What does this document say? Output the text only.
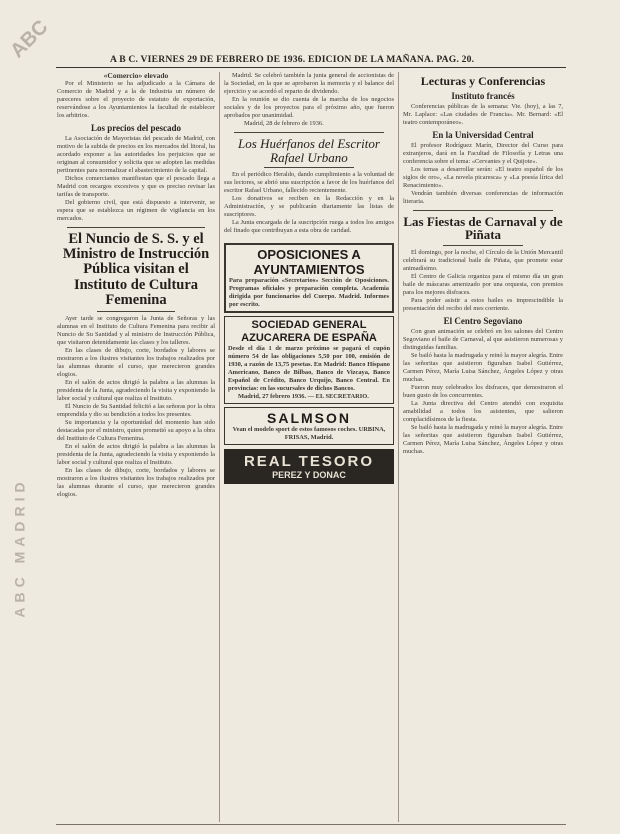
ABC
ABC MADRID
A B C. VIERNES 29 DE FEBRERO DE 1936. EDICION DE LA MAÑANA. PAG. 20.

«Comercio» elevado

Por el Ministerio se ha adjudicado a la Cámara de Comercio de Madrid y a la de Industria un número de pareceres sobre el proyecto de estatuto de exportación, reservándose a los Ayuntamientos la facultad de establecer los arbitrios.

Los precios del pescado

La Asociación de Mayoristas del pescado de Madrid, con motivo de la subida de precios en los mercados del litoral, ha acordado exponer a las autoridades los perjuicios que se originan al consumidor y solicita que se adopten las medidas pertinentes para normalizar el abastecimiento de la capital.

Dichos comerciantes manifiestan que el pescado llega a Madrid con recargos excesivos y que es preciso revisar las tarifas de transporte.

Del gobierno civil, que está dispuesto a intervenir, se espera que se establezca un régimen de vigilancia en los mercados.

El Nuncio de S. S. y el Ministro de Instrucción Pública visitan el Instituto de Cultura Femenina

Ayer tarde se congregaron la Junta de Señoras y las alumnas en el Instituto de Cultura Femenina para recibir al Nuncio de Su Santidad y al ministro de Instrucción Pública, que visitaron detenidamente las clases y los talleres.

En las clases de dibujo, corte, bordados y labores se mostraron a los ilustres visitantes los trabajos realizados por las alumnas durante el curso, que merecieron grandes elogios.

En el salón de actos dirigió la palabra a las alumnas la presidenta de la Junta, agradeciendo la visita y exponiendo la labor social y cultural que realiza el Instituto.

El Nuncio de Su Santidad felicitó a las señoras por la obra emprendida y dio su bendición a todos los presentes.

Su importancia y la oportunidad del momento han sido destacadas por el ministro, quien prometió su apoyo a la obra del Instituto de Cultura Femenina.

En el salón de actos dirigió la palabra a las alumnas la presidenta de la Junta, agradeciendo la visita y exponiendo la labor social y cultural que realiza el Instituto.

En las clases de dibujo, corte, bordados y labores se mostraron a los ilustres visitantes los trabajos realizados por las alumnas durante el curso, que merecieron grandes elogios.

Madrid. Se celebró también la junta general de accionistas de la Sociedad, en la que se aprobaron la memoria y el balance del ejercicio y se acordó el reparto de dividendo.

En la reunión se dio cuenta de la marcha de los negocios sociales y de los proyectos para el próximo año, que fueron aprobados por unanimidad.

Madrid, 28 de febrero de 1936.

Los Huérfanos del Escritor Rafael Urbano

En el periódico Heraldo, dando cumplimiento a la voluntad de sus lectores, se abrió una suscripción a favor de los huérfanos del escritor Rafael Urbano, fallecido recientemente.

Los donativos se reciben en la Redacción y en la Administración, y se publicarán diariamente las listas de suscriptores.

La Junta encargada de la suscripción ruega a todos los amigos del finado que contribuyan a esta obra de caridad.

OPOSICIONES A AYUNTAMIENTOS

Para preparación «Secretarios» Sección de Oposiciones. Programas oficiales y preparación completa. Academia dirigida por funcionarios del Cuerpo. Madrid. Informes por escrito.

SOCIEDAD GENERAL AZUCARERA DE ESPAÑA

Desde el día 1 de marzo próximo se pagará el cupón número 54 de las obligaciones 5,50 por 100, emisión de 1930, a razón de 13,75 pesetas. En Madrid: Banco Hispano Americano, Banco de Bilbao, Banco de Vizcaya, Banco Español de Crédito, Banco Urquijo, Banco Central. En provincias: en las sucursales de dichos Bancos.

Madrid, 27 febrero 1936. — EL SECRETARIO.

SALMSON

Vean el modelo sport de estos famosos coches. URBINA, FRISAS, Madrid.

REAL TESORO
PEREZ Y DONAC
Lecturas y Conferencias
Instituto francés

Conferencias públicas de la semana: Vie. (hoy), a las 7, Mr. Laplace: «Las ciudades de Francia». Mr. Bernard: «El teatro contemporáneo».

En la Universidad Central

El profesor Rodríguez Marín, Director del Curso para extranjeros, dará en la Facultad de Filosofía y Letras una conferencia sobre el tema: «Cervantes y el Quijote».

Los temas a desarrollar serán: «El teatro español de los siglos de oro», «La novela picaresca» y «La poesía lírica del Renacimiento».

Vendrán también diversas conferencias de información literaria.

Las Fiestas de Carnaval y de Piñata

El domingo, por la noche, el Círculo de la Unión Mercantil celebrará su tradicional baile de Piñata, que promete estar animadísimo.

El Centro de Galicia organiza para el mismo día un gran baile de máscaras amenizado por una orquesta, con premios para los mejores disfraces.

Para poder asistir a estos bailes es imprescindible la presentación del recibo del mes corriente.

El Centro Segoviano

Con gran animación se celebró en los salones del Centro Segoviano el baile de Carnaval, al que asistieron numerosas y distinguidas familias.

Se bailó hasta la madrugada y reinó la mayor alegría. Entre las señoritas que asistieron figuraban Isabel Gutiérrez, Carmen Pérez, María Luisa Sánchez, Ángeles López y otras muchas.

Fueron muy celebrados los disfraces, que demostraron el buen gusto de los concurrentes.

La Junta directiva del Centro atendió con exquisita amabilidad a todos los asistentes, que salieron complacidísimos de la fiesta.

Se bailó hasta la madrugada y reinó la mayor alegría. Entre las señoritas que asistieron figuraban Isabel Gutiérrez, Carmen Pérez, María Luisa Sánchez, Ángeles López y otras muchas.
